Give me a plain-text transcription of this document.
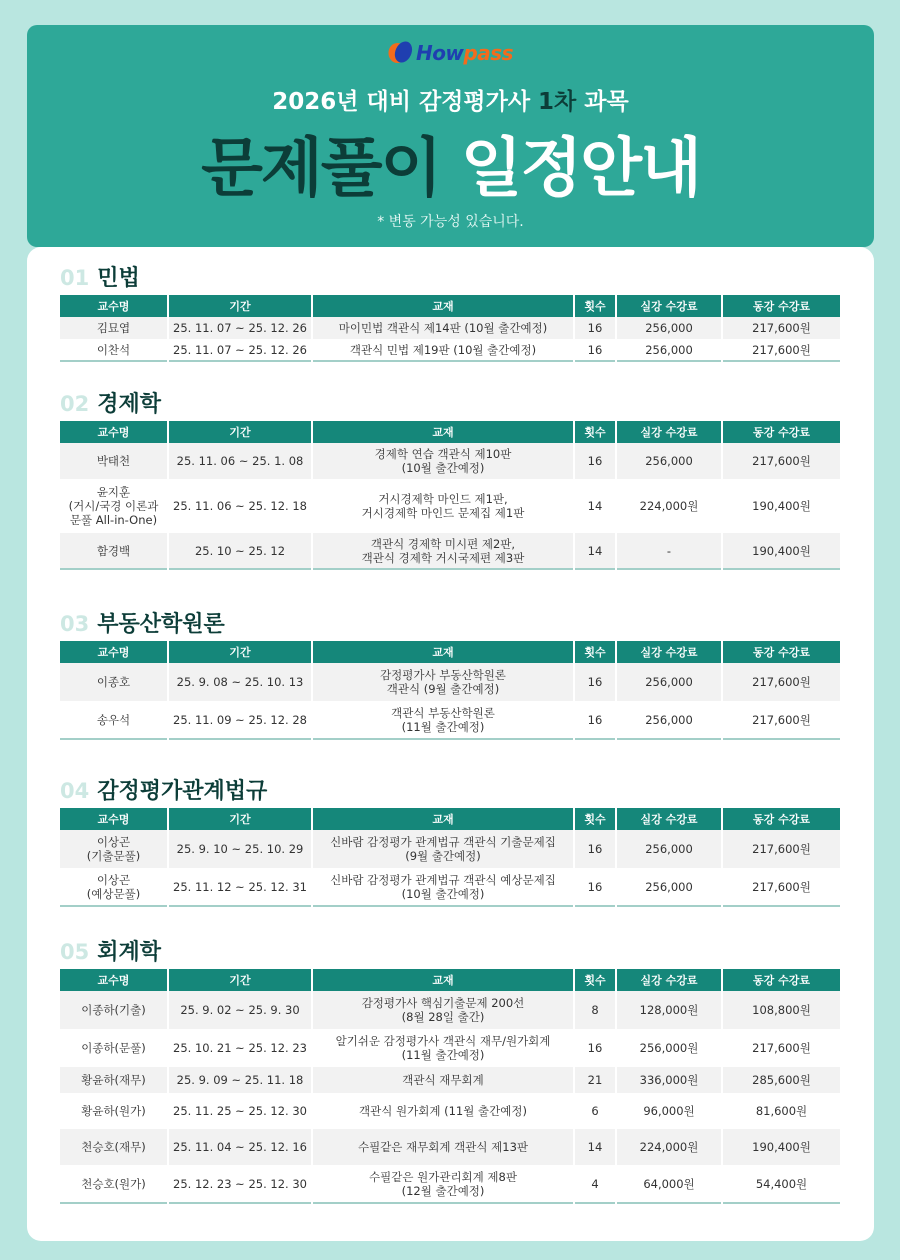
Howpass
2026년 대비 감정평가사 1차 과목
문제풀이 일정안내
* 변동 가능성 있습니다.
01 민법
교수명	기간	교재	횟수	실강 수강료	동강 수강료
김묘엽	25. 11. 07 ~ 25. 12. 26	마이민법 객관식 제14판 (10월 출간예정)	16	256,000	217,600원
이찬석	25. 11. 07 ~ 25. 12. 26	객관식 민법 제19판 (10월 출간예정)	16	256,000	217,600원
02 경제학
교수명	기간	교재	횟수	실강 수강료	동강 수강료
박태천	25. 11. 06 ~ 25. 1. 08	경제학 연습 객관식 제10판
(10월 출간예정)	16	256,000	217,600원
윤지훈
(거시/국경 이론과
문풀 All-in-One)	25. 11. 06 ~ 25. 12. 18	거시경제학 마인드 제1판,
거시경제학 마인드 문제집 제1판	14	224,000원	190,400원
함경백	25. 10 ~ 25. 12	객관식 경제학 미시편 제2판,
객관식 경제학 거시국제편 제3판	14	-	190,400원
03 부동산학원론
교수명	기간	교재	횟수	실강 수강료	동강 수강료
이종호	25. 9. 08 ~ 25. 10. 13	감정평가사 부동산학원론
객관식 (9월 출간예정)	16	256,000	217,600원
송우석	25. 11. 09 ~ 25. 12. 28	객관식 부동산학원론
(11월 출간예정)	16	256,000	217,600원
04 감정평가관계법규
교수명	기간	교재	횟수	실강 수강료	동강 수강료
이상곤
(기출문풀)	25. 9. 10 ~ 25. 10. 29	신바람 감정평가 관계법규 객관식 기출문제집
(9월 출간예정)	16	256,000	217,600원
이상곤
(예상문풀)	25. 11. 12 ~ 25. 12. 31	신바람 감정평가 관계법규 객관식 예상문제집
(10월 출간예정)	16	256,000	217,600원
05 회계학
교수명	기간	교재	횟수	실강 수강료	동강 수강료
이종하(기출)	25. 9. 02 ~ 25. 9. 30	감정평가사 핵심기출문제 200선
(8월 28일 출간)	8	128,000원	108,800원
이종하(문풀)	25. 10. 21 ~ 25. 12. 23	알기쉬운 감정평가사 객관식 재무/원가회계
(11월 출간예정)	16	256,000원	217,600원
황윤하(재무)	25. 9. 09 ~ 25. 11. 18	객관식 재무회계	21	336,000원	285,600원
황윤하(원가)	25. 11. 25 ~ 25. 12. 30	객관식 원가회계 (11월 출간예정)	6	96,000원	81,600원
천승호(재무)	25. 11. 04 ~ 25. 12. 16	수필같은 재무회계 객관식 제13판	14	224,000원	190,400원
천승호(원가)	25. 12. 23 ~ 25. 12. 30	수필같은 원가관리회계 제8판
(12월 출간예정)	4	64,000원	54,400원
